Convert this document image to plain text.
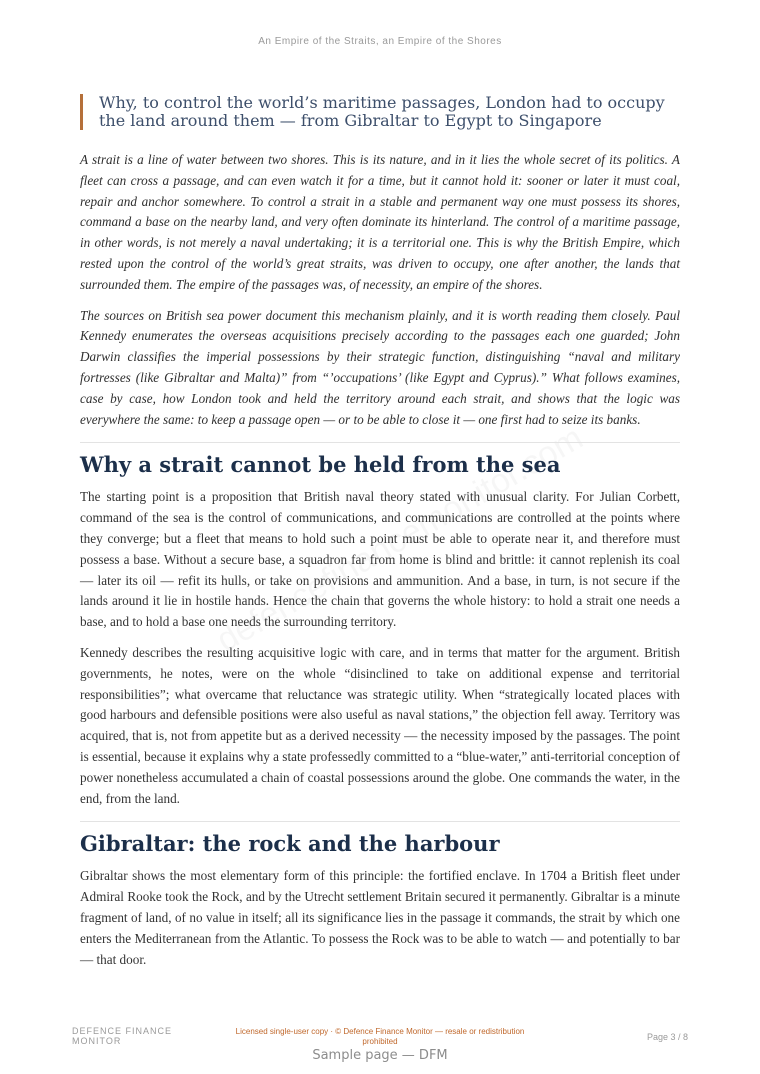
An Empire of the Straits, an Empire of the Shores
Why, to control the world’s maritime passages, London had to occupy the land around them — from Gibraltar to Egypt to Singapore

A strait is a line of water between two shores. This is its nature, and in it lies the whole secret of its politics. A fleet can cross a passage, and can even watch it for a time, but it cannot hold it: sooner or later it must coal, repair and anchor somewhere. To control a strait in a stable and permanent way one must possess its shores, command a base on the nearby land, and very often dominate its hinterland. The control of a maritime passage, in other words, is not merely a naval undertaking; it is a territorial one. This is why the British Empire, which rested upon the control of the world’s great straits, was driven to occupy, one after another, the lands that surrounded them. The empire of the passages was, of necessity, an empire of the shores.

The sources on British sea power document this mechanism plainly, and it is worth reading them closely. Paul Kennedy enumerates the overseas acquisitions precisely according to the passages each one guarded; John Darwin classifies the imperial possessions by their strategic function, distinguishing “naval and military fortresses (like Gibraltar and Malta)” from “’occupations’ (like Egypt and Cyprus).” What follows examines, case by case, how London took and held the territory around each strait, and shows that the logic was everywhere the same: to keep a passage open — or to be able to close it — one first had to seize its banks.

Why a strait cannot be held from the sea

The starting point is a proposition that British naval theory stated with unusual clarity. For Julian Corbett, command of the sea is the control of communications, and communications are controlled at the points where they converge; but a fleet that means to hold such a point must be able to operate near it, and therefore must possess a base. Without a secure base, a squadron far from home is blind and brittle: it cannot replenish its coal — later its oil — refit its hulls, or take on provisions and ammunition. And a base, in turn, is not secure if the lands around it lie in hostile hands. Hence the chain that governs the whole history: to hold a strait one needs a base, and to hold a base one needs the surrounding territory.

Kennedy describes the resulting acquisitive logic with care, and in terms that matter for the argument. British governments, he notes, were on the whole “disinclined to take on additional expense and territorial responsibilities”; what overcame that reluctance was strategic utility. When “strategically located places with good harbours and defensible positions were also useful as naval stations,” the objection fell away. Territory was acquired, that is, not from appetite but as a derived necessity — the necessity imposed by the passages. The point is essential, because it explains why a state professedly committed to a “blue-water,” anti-territorial conception of power nonetheless accumulated a chain of coastal possessions around the globe. One commands the water, in the end, from the land.

Gibraltar: the rock and the harbour

Gibraltar shows the most elementary form of this principle: the fortified enclave. In 1704 a British fleet under Admiral Rooke took the Rock, and by the Utrecht settlement Britain secured it permanently. Gibraltar is a minute fragment of land, of no value in itself; all its significance lies in the passage it commands, the strait by which one enters the Mediterranean from the Atlantic. To possess the Rock was to be able to watch — and potentially to bar — that door.

DEFENCE FINANCE MONITOR
Licensed single-user copy · © Defence Finance Monitor — resale or redistribution prohibited	Page 3 / 8
Sample page — DFM
